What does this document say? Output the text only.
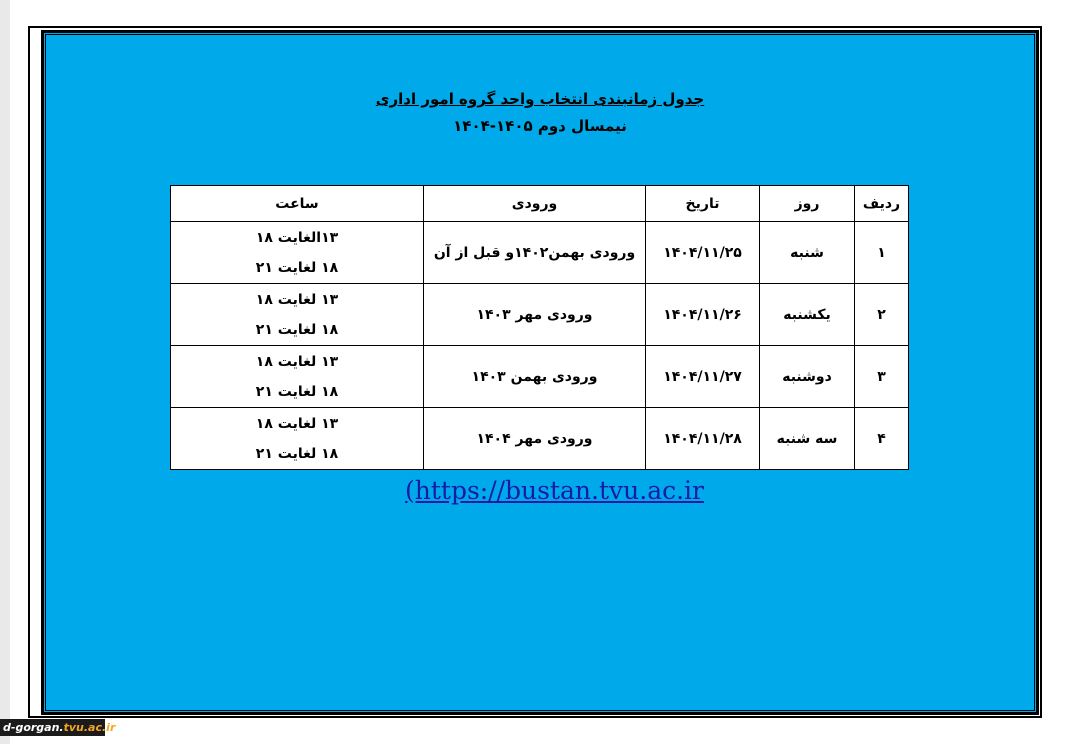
جدول زمانبندی انتخاب واحد گروه امور اداری
نیمسال دوم ۱۴۰۵-۱۴۰۴
ردیف	روز	تاریخ	ورودی	ساعت
۱	شنبه	۱۴۰۴/۱۱/۲۵	ورودی بهمن۱۴۰۲و قبل از آن	۱۳الغایت ۱۸
۱۸ لغایت ۲۱

۲	یکشنبه	۱۴۰۴/۱۱/۲۶	ورودی مهر ۱۴۰۳	۱۳ لغایت ۱۸
۱۸ لغایت ۲۱

۳	دوشنبه	۱۴۰۴/۱۱/۲۷	ورودی بهمن ۱۴۰۳	۱۳ لغایت ۱۸
۱۸ لغایت ۲۱

۴	سه شنبه	۱۴۰۴/۱۱/۲۸	ورودی مهر ۱۴۰۴	۱۳ لغایت ۱۸
۱۸ لغایت ۲۱
(https://bustan.tvu.ac.ir
d-gorgan.tvu.ac.ir
